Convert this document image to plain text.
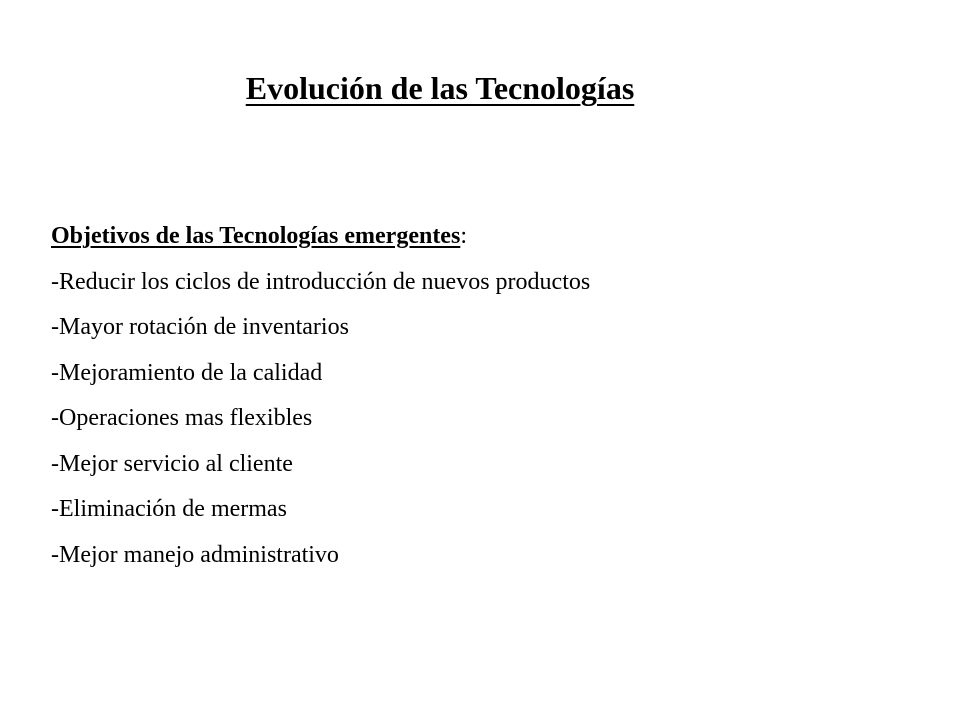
Evolución de las Tecnologías
Objetivos de las Tecnologías emergentes:
-Reducir los ciclos de introducción de nuevos productos
-Mayor rotación de inventarios
-Mejoramiento de la calidad
-Operaciones mas flexibles
-Mejor servicio al cliente
-Eliminación de mermas
-Mejor manejo administrativo
